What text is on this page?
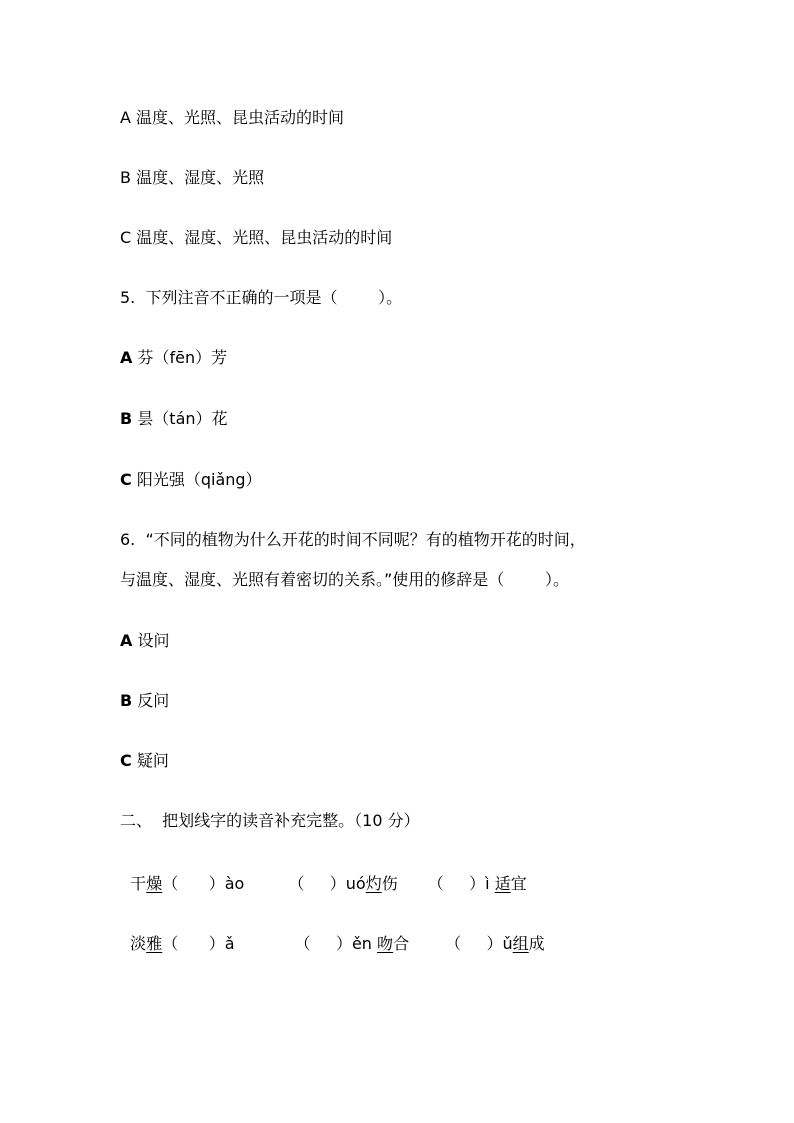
A 温度、光照、昆虫活动的时间
B 温度、湿度、光照
C 温度、湿度、光照、昆虫活动的时间
5.  下列注音不正确的一项是（        ）。
A 芬（fēn）芳
B 昙（tán）花
C 阳光强（qiǎng）
6.  “不同的植物为什么开花的时间不同呢？有的植物开花的时间，
与温度、湿度、光照有着密切的关系。”使用的修辞是（        ）。
A 设问
B 反问
C 疑问
二、  把划线字的读音补充完整。（10 分）

干燥（      ）ào	（     ）uó灼伤 （     ）ì 适宜

淡雅（      ）ǎ	（     ）ěn 吻合 （     ）ǔ组成
